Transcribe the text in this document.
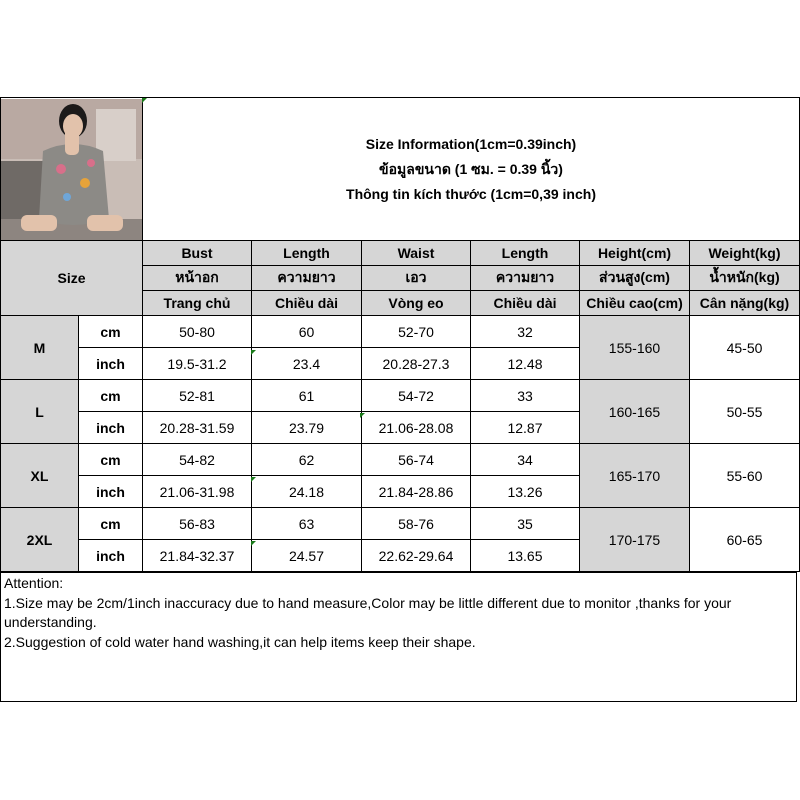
Size Information(1cm=0.39inch)
ข้อมูลขนาด (1 ซม. = 0.39 นิ้ว)
Thông tin kích thước (1cm=0,39 inch)					

Size		Bust	Length	Waist	Length	Height(cm)	Weight(kg)
		หน้าอก	ความยาว	เอว	ความยาว	ส่วนสูง(cm)	น้ำหนัก(kg)
		Trang chủ	Chiều dài	Vòng eo	Chiều dài	Chiều cao(cm)	Cân nặng(kg)
M	cm	50-80	60	52-70	32	155-160	45-50
	inch	19.5-31.2	23.4	20.28-27.3	12.48		
L	cm	52-81	61	54-72	33	160-165	50-55
	inch	20.28-31.59	23.79	21.06-28.08	12.87		
XL	cm	54-82	62	56-74	34	165-170	55-60
	inch	21.06-31.98	24.18	21.84-28.86	13.26		
2XL	cm	56-83	63	58-76	35	170-175	60-65
	inch	21.84-32.37	24.57	22.62-29.64	13.65		
Attention:
1.Size may be 2cm/1inch inaccuracy due to hand measure,Color may be little different due to monitor ,thanks for your understanding.
2.Suggestion of cold water hand washing,it can help items keep their shape.
